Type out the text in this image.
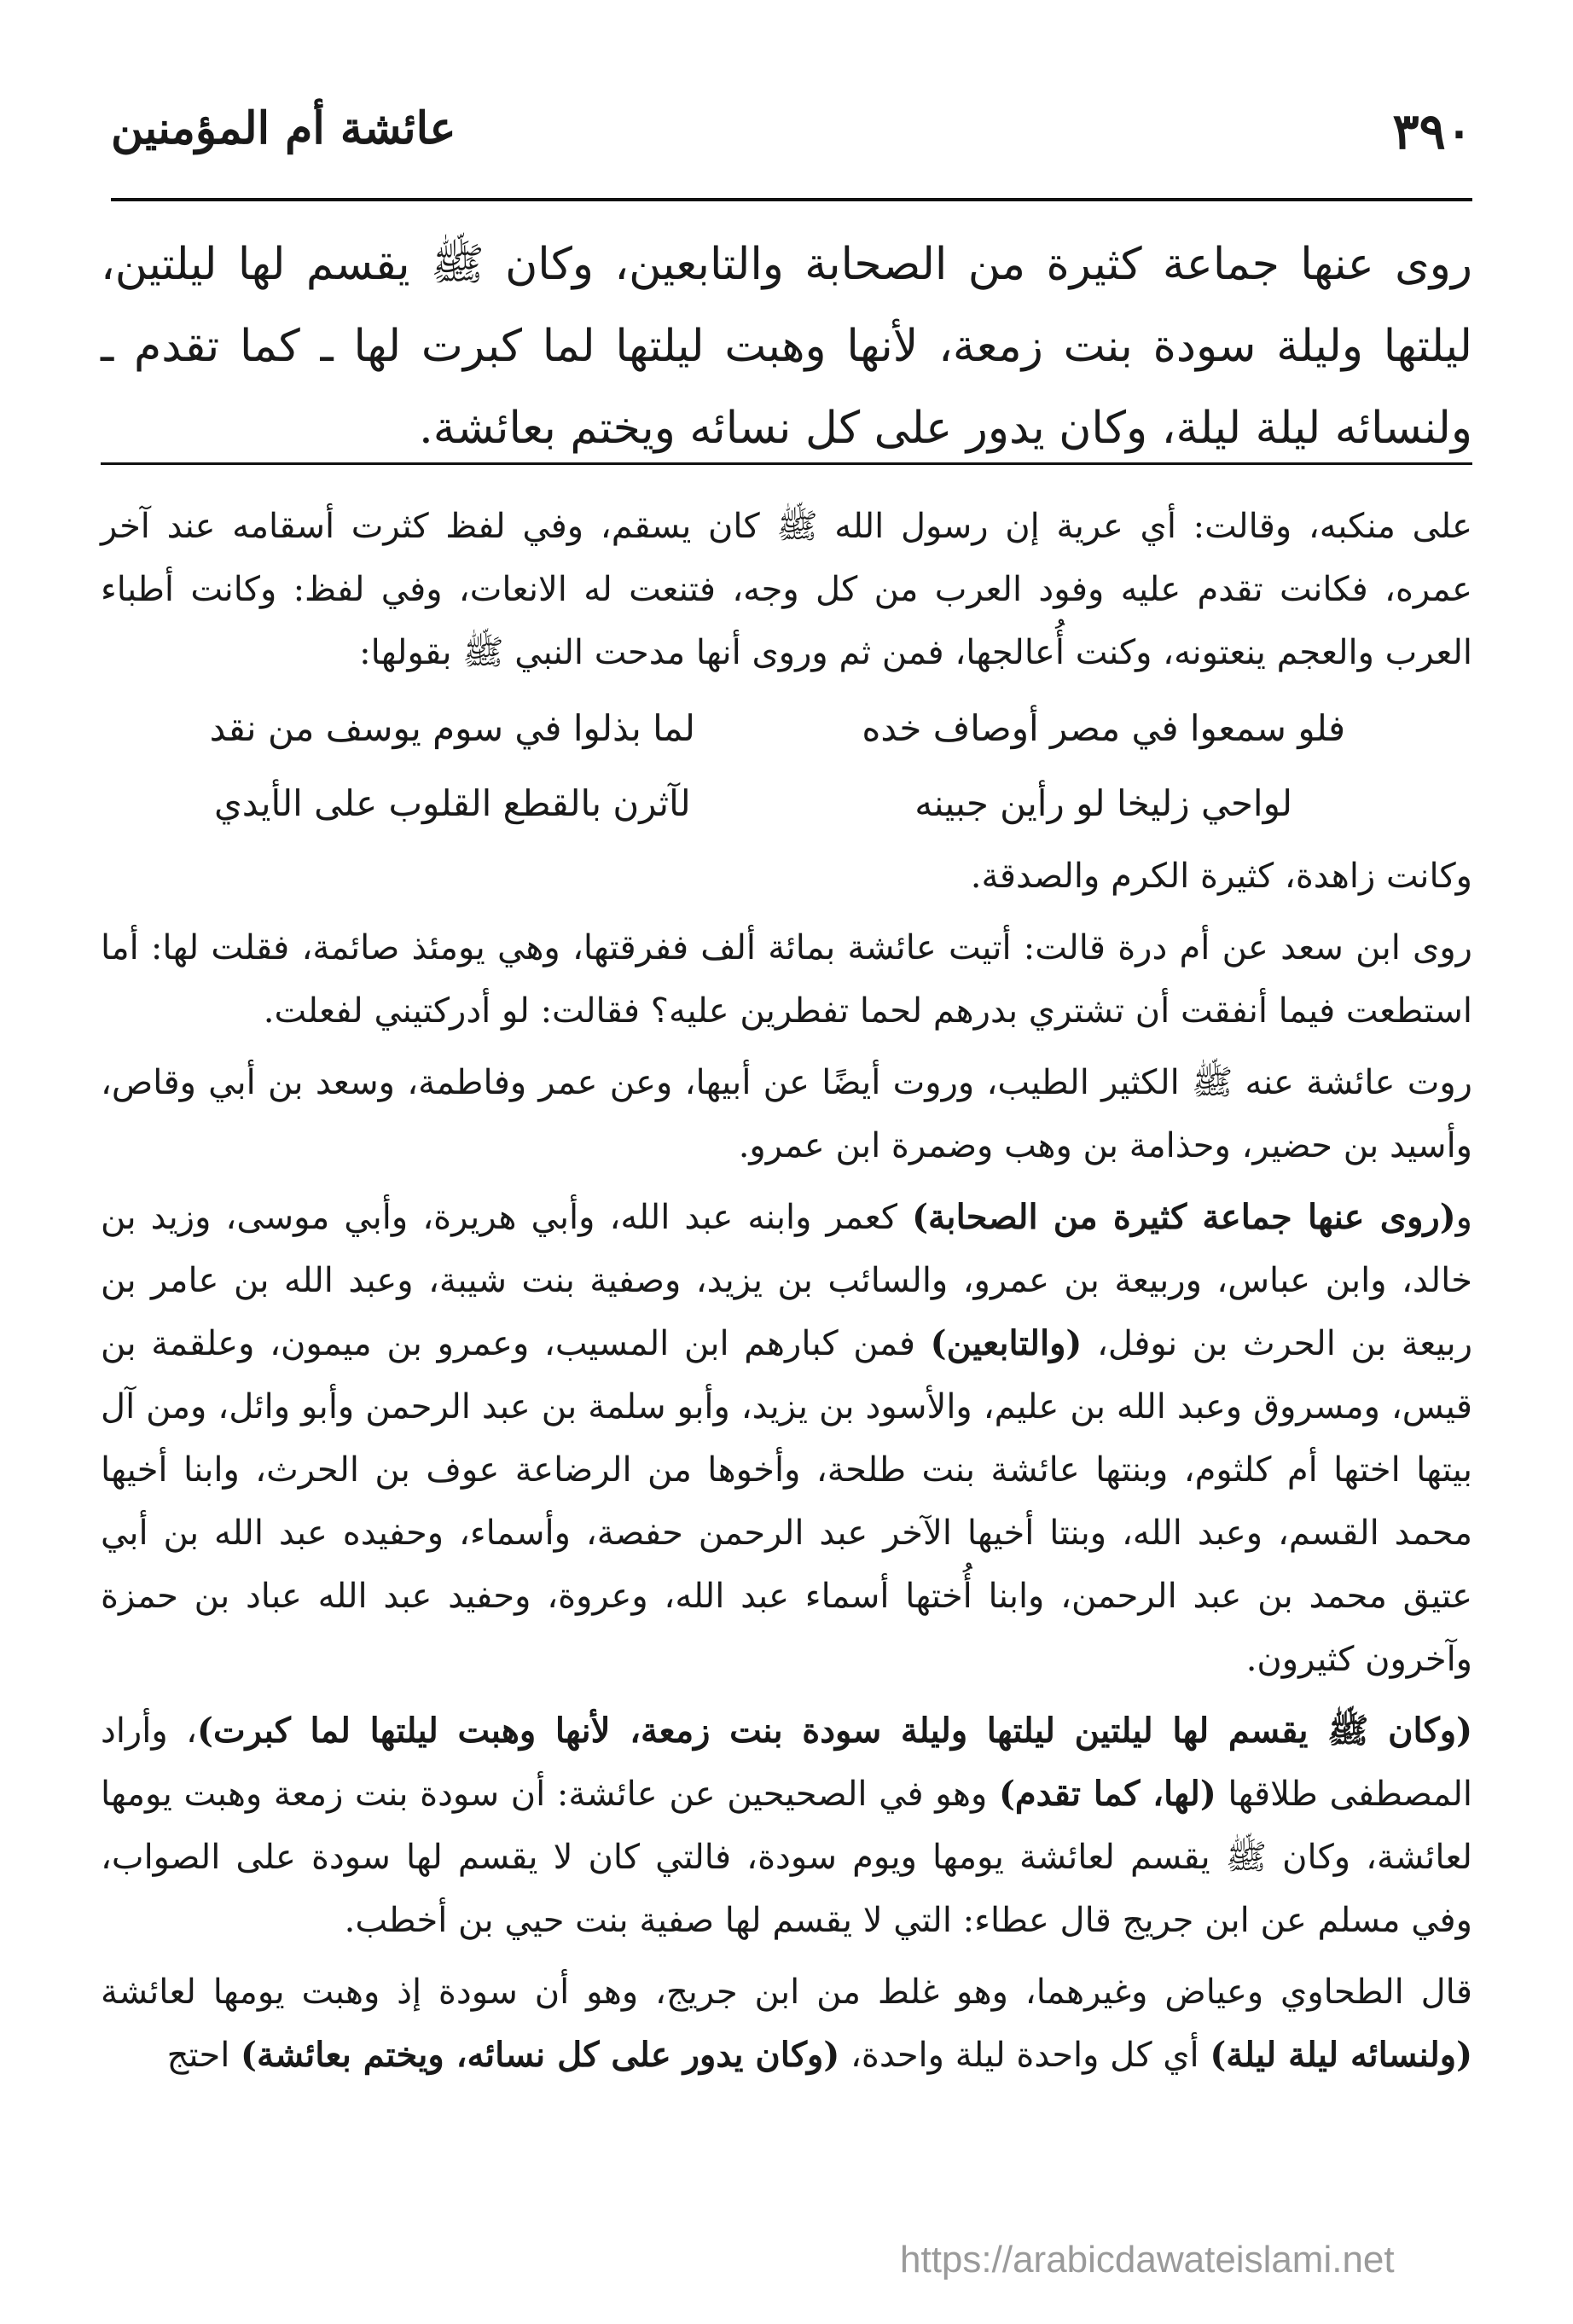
٣٩٠
عائشة أم المؤمنين
روى عنها جماعة كثيرة من الصحابة والتابعين، وكان ﷺ يقسم لها ليلتين، ليلتها وليلة سودة بنت زمعة، لأنها وهبت ليلتها لما كبرت لها ـ كما تقدم ـ ولنسائه ليلة ليلة، وكان يدور على كل نسائه ويختم بعائشة.

على منكبه، وقالت: أي عرية إن رسول الله ﷺ كان يسقم، وفي لفظ كثرت أسقامه عند آخر عمره، فكانت تقدم عليه وفود العرب من كل وجه، فتنعت له الانعات، وفي لفظ: وكانت أطباء العرب والعجم ينعتونه، وكنت أُعالجها، فمن ثم وروى أنها مدحت النبي ﷺ بقولها:

فلو سمعوا في مصر أوصاف خده
لما بذلوا في سوم يوسف من نقد
لواحي زليخا لو رأين جبينه
لآثرن بالقطع القلوب على الأيدي

وكانت زاهدة، كثيرة الكرم والصدقة.

روى ابن سعد عن أم درة قالت: أتيت عائشة بمائة ألف ففرقتها، وهي يومئذ صائمة، فقلت لها: أما استطعت فيما أنفقت أن تشتري بدرهم لحما تفطرين عليه؟ فقالت: لو أدركتيني لفعلت.

روت عائشة عنه ﷺ الكثير الطيب، وروت أيضًا عن أبيها، وعن عمر وفاطمة، وسعد بن أبي وقاص، وأسيد بن حضير، وحذامة بن وهب وضمرة ابن عمرو.

و(روى عنها جماعة كثيرة من الصحابة) كعمر وابنه عبد الله، وأبي هريرة، وأبي موسى، وزيد بن خالد، وابن عباس، وربيعة بن عمرو، والسائب بن يزيد، وصفية بنت شيبة، وعبد الله بن عامر بن ربيعة بن الحرث بن نوفل، (والتابعين) فمن كبارهم ابن المسيب، وعمرو بن ميمون، وعلقمة بن قيس، ومسروق وعبد الله بن عليم، والأسود بن يزيد، وأبو سلمة بن عبد الرحمن وأبو وائل، ومن آل بيتها اختها أم كلثوم، وبنتها عائشة بنت طلحة، وأخوها من الرضاعة عوف بن الحرث، وابنا أخيها محمد القسم، وعبد الله، وبنتا أخيها الآخر عبد الرحمن حفصة، وأسماء، وحفيده عبد الله بن أبي عتيق محمد بن عبد الرحمن، وابنا أُختها أسماء عبد الله، وعروة، وحفيد عبد الله عباد بن حمزة وآخرون كثيرون.

(وكان ﷺ يقسم لها ليلتين ليلتها وليلة سودة بنت زمعة، لأنها وهبت ليلتها لما كبرت)، وأراد المصطفى طلاقها (لها، كما تقدم) وهو في الصحيحين عن عائشة: أن سودة بنت زمعة وهبت يومها لعائشة، وكان ﷺ يقسم لعائشة يومها ويوم سودة، فالتي كان لا يقسم لها سودة على الصواب، وفي مسلم عن ابن جريج قال عطاء: التي لا يقسم لها صفية بنت حيي بن أخطب.

قال الطحاوي وعياض وغيرهما، وهو غلط من ابن جريج، وهو أن سودة إذ وهبت يومها لعائشة (ولنسائه ليلة ليلة) أي كل واحدة ليلة واحدة، (وكان يدور على كل نسائه، ويختم بعائشة) احتج

https://arabicdawateislami.net
